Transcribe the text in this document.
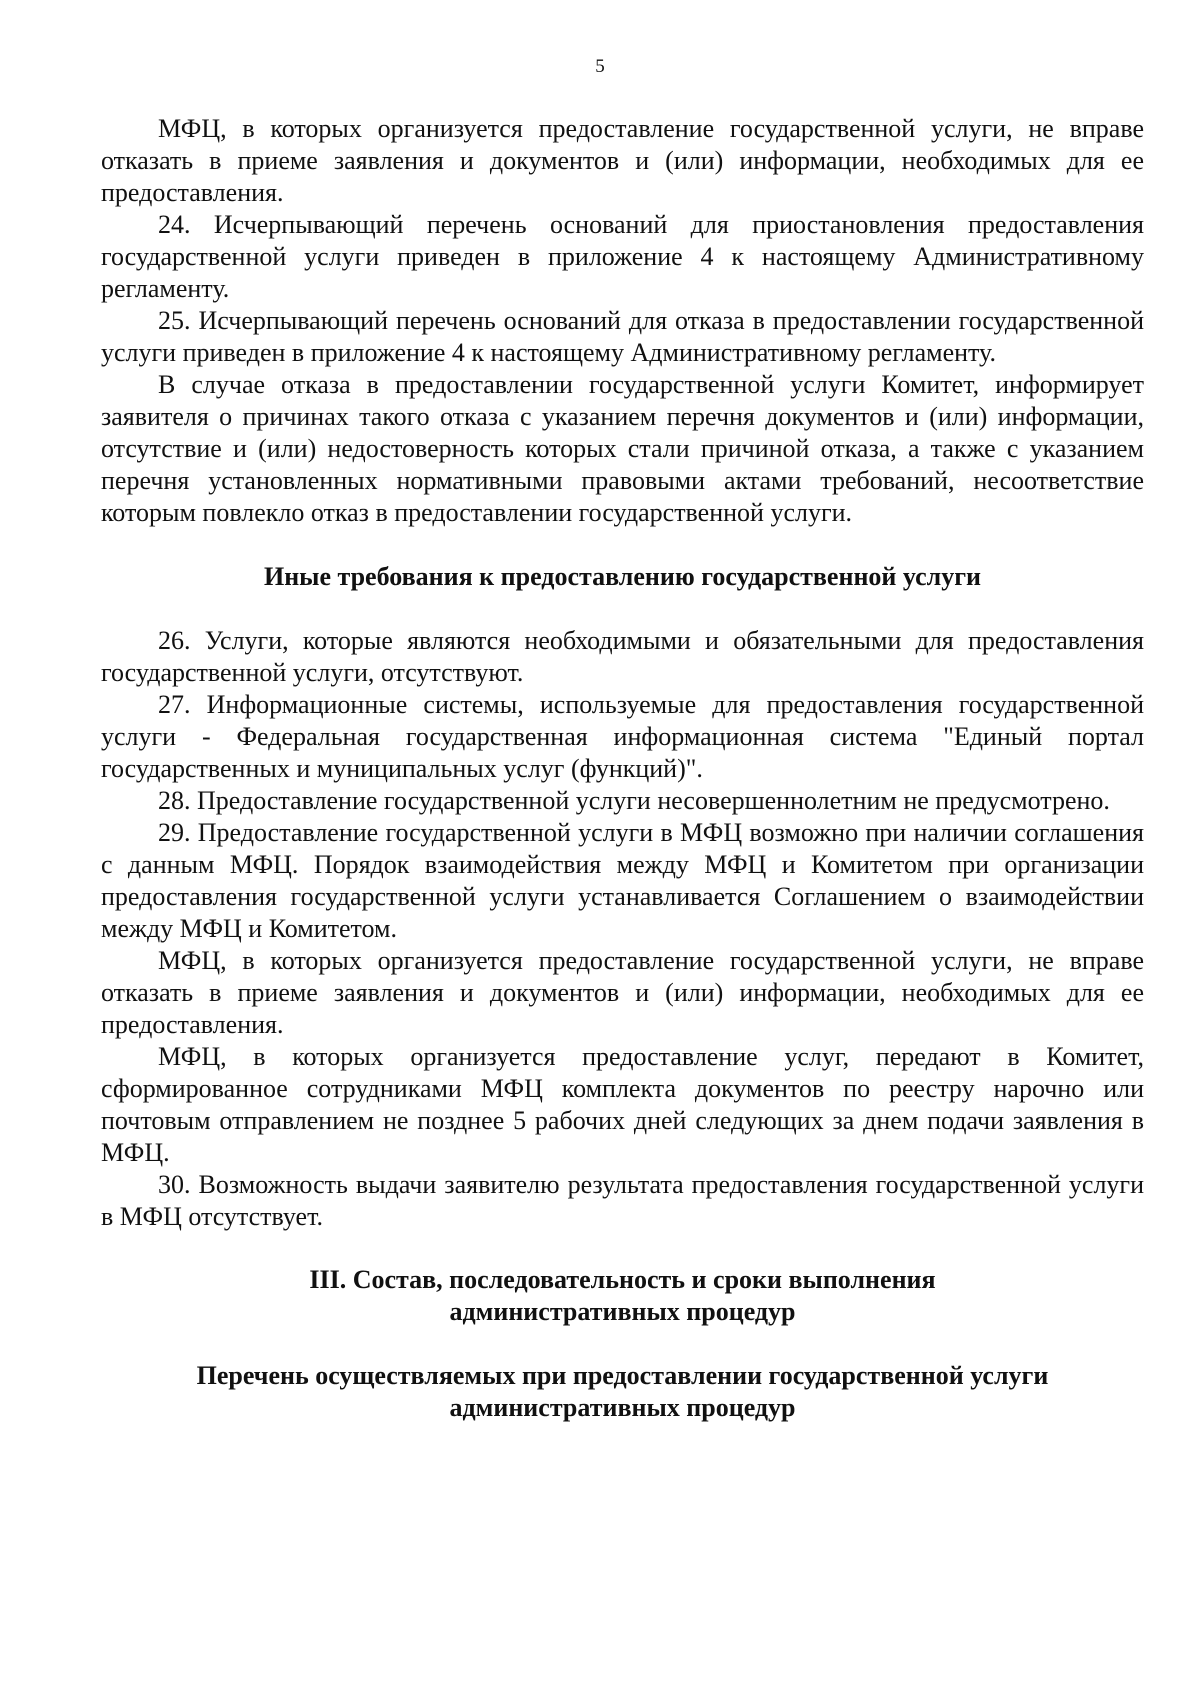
5

МФЦ, в которых организуется предоставление государственной услуги, не вправе отказать в приеме заявления и документов и (или) информации, необходимых для ее предоставления.

24. Исчерпывающий перечень оснований для приостановления предоставления государственной услуги приведен в приложение 4 к настоящему Административному регламенту.

25. Исчерпывающий перечень оснований для отказа в предоставлении государственной услуги приведен в приложение 4 к настоящему Административному регламенту.

В случае отказа в предоставлении государственной услуги Комитет, информирует заявителя о причинах такого отказа с указанием перечня документов и (или) информации, отсутствие и (или) недостоверность которых стали причиной отказа, а также с указанием перечня установленных нормативными правовыми актами требований, несоответствие которым повлекло отказ в предоставлении государственной услуги.

Иные требования к предоставлению государственной услуги

26. Услуги, которые являются необходимыми и обязательными для предоставления государственной услуги, отсутствуют.

27. Информационные системы, используемые для предоставления государственной услуги - Федеральная государственная информационная система "Единый портал государственных и муниципальных услуг (функций)".

28. Предоставление государственной услуги несовершеннолетним не предусмотрено.

29. Предоставление государственной услуги в МФЦ возможно при наличии соглашения с данным МФЦ. Порядок взаимодействия между МФЦ и Комитетом при организации предоставления государственной услуги устанавливается Соглашением о взаимодействии между МФЦ и Комитетом.

МФЦ, в которых организуется предоставление государственной услуги, не вправе отказать в приеме заявления и документов и (или) информации, необходимых для ее предоставления.

МФЦ, в которых организуется предоставление услуг, передают в Комитет, сформированное сотрудниками МФЦ комплекта документов по реестру нарочно или почтовым отправлением не позднее 5 рабочих дней следующих за днем подачи заявления в МФЦ.

30. Возможность выдачи заявителю результата предоставления государственной услуги в МФЦ отсутствует.

III. Состав, последовательность и сроки выполнения
административных процедур

Перечень осуществляемых при предоставлении государственной услуги
административных процедур
